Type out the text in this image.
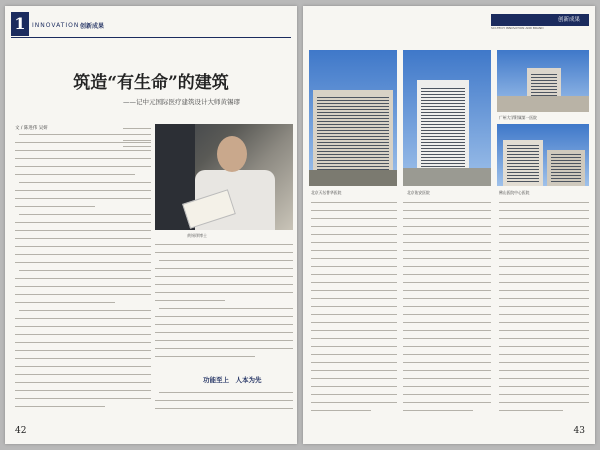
1	INNOVATION 创新成果
筑造“有生命”的建筑
——记中元国际医疗建筑设计大师黄锡璆
文 / 陈进伟 吴妍
黄锡璆博士
功能至上　人本为先
42
创新成果
SCI-TECH INNOVATION AND BRAND
北京天坛普华医院	北京佑安医院
广州大学附属第一医院
佛山医院中心医院
43
